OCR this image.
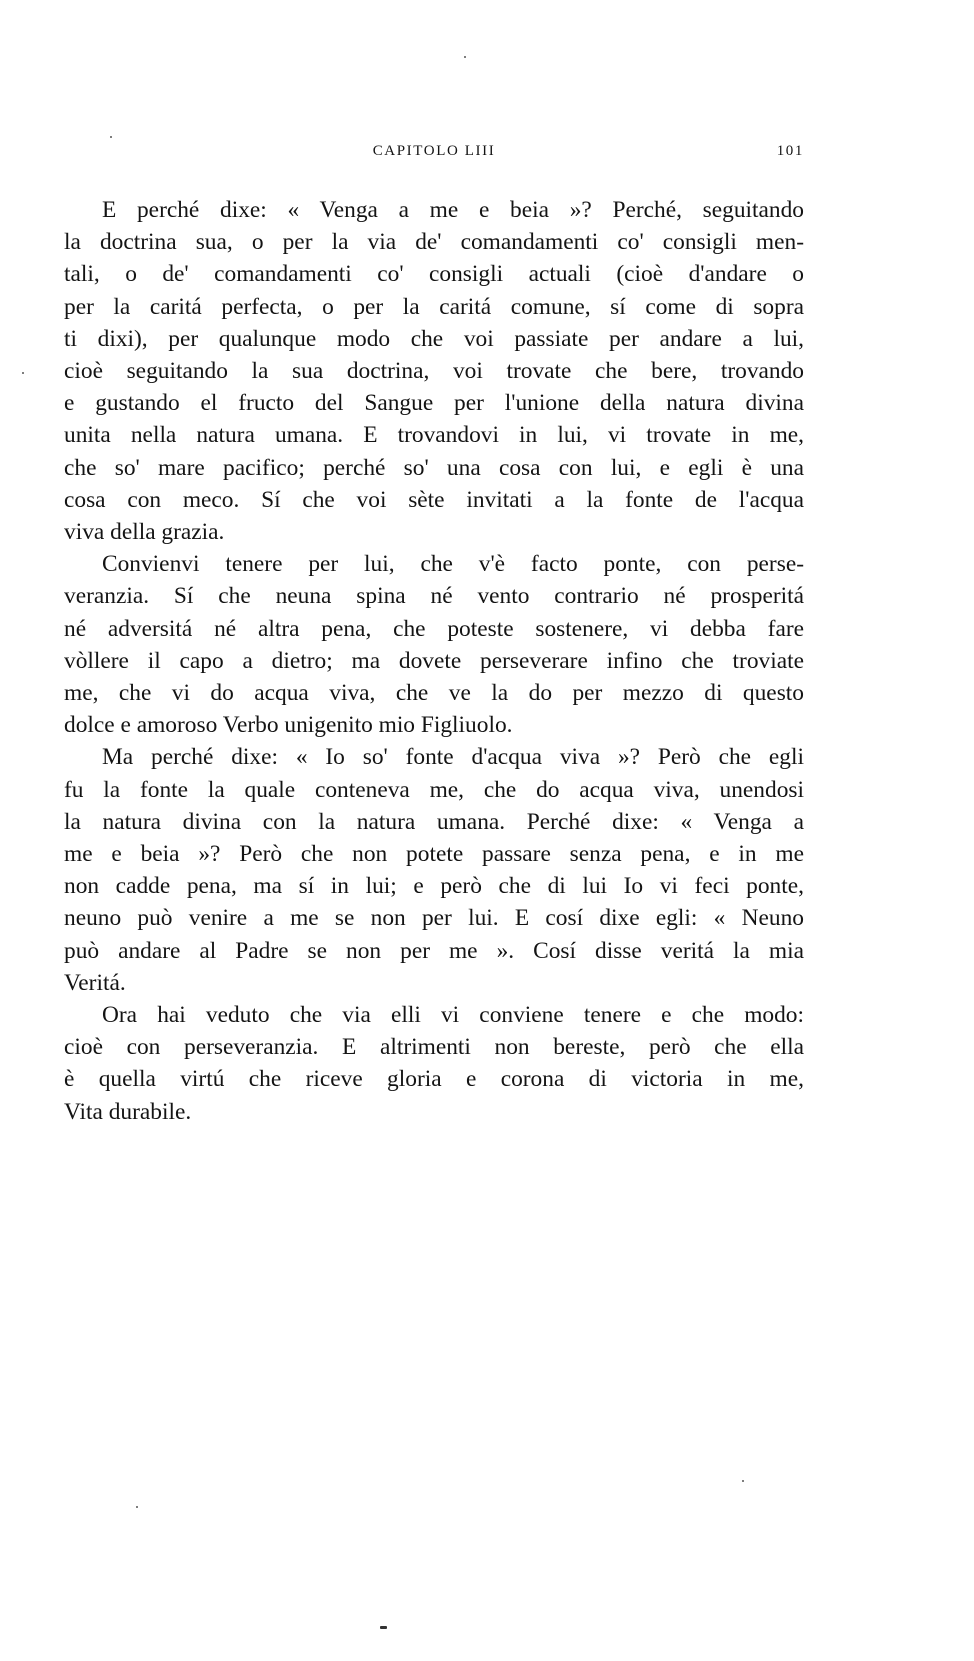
CAPITOLO LIII	101
E perché dixe: « Venga a me e beia »? Perché, seguitando
la doctrina sua, o per la via de' comandamenti co' consigli men-
tali, o de' comandamenti co' consigli actuali (cioè d'andare o
per la caritá perfecta, o per la caritá comune, sí come di sopra
ti dixi), per qualunque modo che voi passiate per andare a lui,
cioè seguitando la sua doctrina, voi trovate che bere, trovando
e gustando el fructo del Sangue per l'unione della natura divina
unita nella natura umana. E trovandovi in lui, vi trovate in me,
che so' mare pacifico; perché so' una cosa con lui, e egli è una
cosa con meco. Sí che voi sète invitati a la fonte de l'acqua
viva della grazia.
Convienvi tenere per lui, che v'è facto ponte, con perse-
veranzia. Sí che neuna spina né vento contrario né prosperitá
né adversitá né altra pena, che poteste sostenere, vi debba fare
vòllere il capo a dietro; ma dovete perseverare infino che troviate
me, che vi do acqua viva, che ve la do per mezzo di questo
dolce e amoroso Verbo unigenito mio Figliuolo.
Ma perché dixe: « Io so' fonte d'acqua viva »? Però che egli
fu la fonte la quale conteneva me, che do acqua viva, unendosi
la natura divina con la natura umana. Perché dixe: « Venga a
me e beia »? Però che non potete passare senza pena, e in me
non cadde pena, ma sí in lui; e però che di lui Io vi feci ponte,
neuno può venire a me se non per lui. E cosí dixe egli: « Neuno
può andare al Padre se non per me ». Cosí disse veritá la mia
Veritá.
Ora hai veduto che via elli vi conviene tenere e che modo:
cioè con perseveranzia. E altrimenti non bereste, però che ella
è quella virtú che riceve gloria e corona di victoria in me,
Vita durabile.
